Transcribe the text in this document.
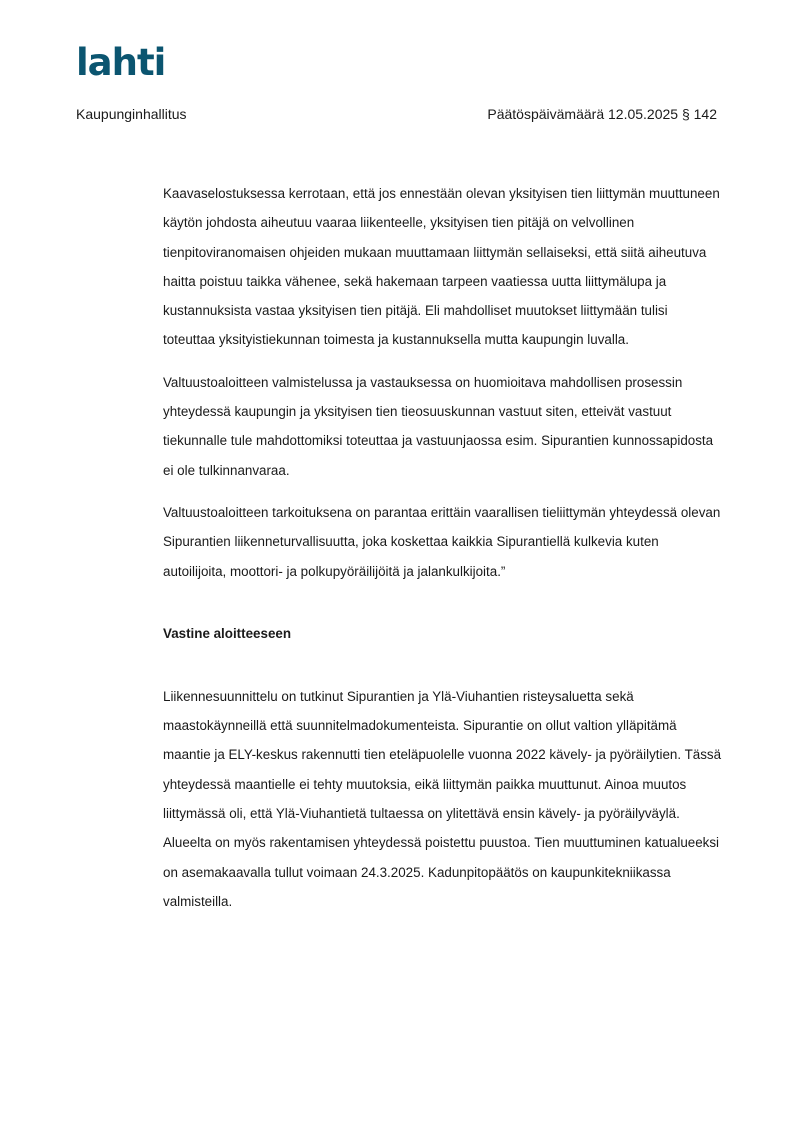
lahti
Kaupunginhallitus	Päätöspäivämäärä 12.05.2025 § 142

Kaavaselostuksessa kerrotaan, että jos ennestään olevan yksityisen tien liittymän muuttuneen käytön johdosta aiheutuu vaaraa liikenteelle, yksityisen tien pitäjä on velvollinen tienpitoviranomaisen ohjeiden mukaan muuttamaan liittymän sellaiseksi, että siitä aiheutuva haitta poistuu taikka vähenee, sekä hakemaan tarpeen vaatiessa uutta liittymälupa ja kustannuksista vastaa yksityisen tien pitäjä. Eli mahdolliset muutokset liittymään tulisi toteuttaa yksityistiekunnan toimesta ja kustannuksella mutta kaupungin luvalla.

Valtuustoaloitteen valmistelussa ja vastauksessa on huomioitava mahdollisen prosessin yhteydessä kaupungin ja yksityisen tien tieosuuskunnan vastuut siten, etteivät vastuut tiekunnalle tule mahdottomiksi toteuttaa ja vastuunjaossa esim. Sipurantien kunnossapidosta ei ole tulkinnanvaraa.

Valtuustoaloitteen tarkoituksena on parantaa erittäin vaarallisen tieliittymän yhteydessä olevan Sipurantien liikenneturvallisuutta, joka koskettaa kaikkia Sipurantiellä kulkevia kuten autoilijoita, moottori- ja polkupyöräilijöitä ja jalankulkijoita.”

Vastine aloitteeseen

Liikennesuunnittelu on tutkinut Sipurantien ja Ylä-Viuhantien risteysaluetta sekä maastokäynneillä että suunnitelmadokumenteista. Sipurantie on ollut valtion ylläpitämä maantie ja ELY-keskus rakennutti tien eteläpuolelle vuonna 2022 kävely- ja pyöräilytien. Tässä yhteydessä maantielle ei tehty muutoksia, eikä liittymän paikka muuttunut. Ainoa muutos liittymässä oli, että Ylä-Viuhantietä tultaessa on ylitettävä ensin kävely- ja pyöräilyväylä. Alueelta on myös rakentamisen yhteydessä poistettu puustoa. Tien muuttuminen katualueeksi on asemakaavalla tullut voimaan 24.3.2025. Kadunpitopäätös on kaupunkitekniikassa valmisteilla.
